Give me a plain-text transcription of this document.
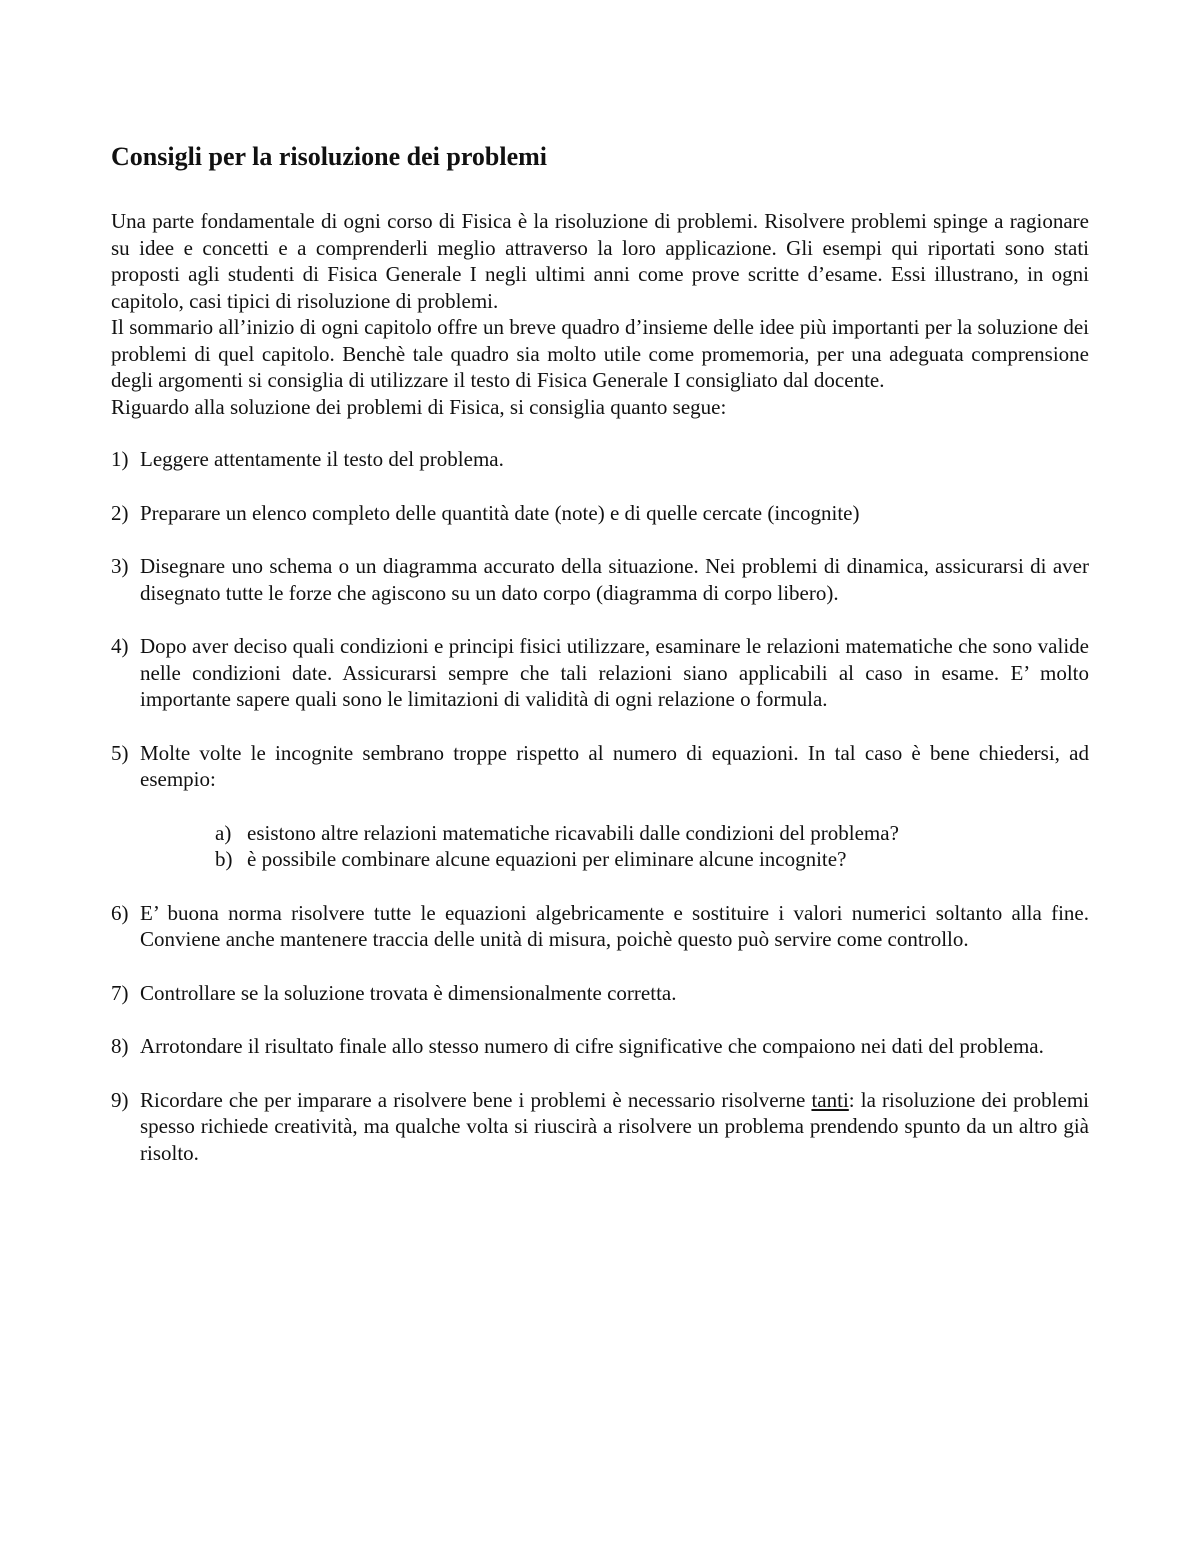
Consigli per la risoluzione dei problemi

Una parte fondamentale di ogni corso di Fisica è la risoluzione di problemi. Risolvere problemi spinge a ragionare su idee e concetti e a comprenderli meglio attraverso la loro applicazione. Gli esempi qui riportati sono stati proposti agli studenti di Fisica Generale I negli ultimi anni come prove scritte d’esame. Essi illustrano, in ogni capitolo, casi tipici di risoluzione di problemi.

Il sommario all’inizio di ogni capitolo offre un breve quadro d’insieme delle idee più importanti per la soluzione dei problemi di quel capitolo. Benchè tale quadro sia molto utile come promemoria, per una adeguata comprensione degli argomenti si consiglia di utilizzare il testo di Fisica Generale I consigliato dal docente.

Riguardo alla soluzione dei problemi di Fisica, si consiglia quanto segue:

1) Leggere attentamente il testo del problema.
2) Preparare un elenco completo delle quantità date (note) e di quelle cercate (incognite)
3) Disegnare uno schema o un diagramma accurato della situazione. Nei problemi di dinamica, assicurarsi di aver disegnato tutte le forze che agiscono su un dato corpo (diagramma di corpo libero).
4) Dopo aver deciso quali condizioni e principi fisici utilizzare, esaminare le relazioni matematiche che sono valide nelle condizioni date. Assicurarsi sempre che tali relazioni siano applicabili al caso in esame. E’ molto importante sapere quali sono le limitazioni di validità di ogni relazione o formula.
5) Molte volte le incognite sembrano troppe rispetto al numero di equazioni. In tal caso è bene chiedersi, ad esempio:
a) esistono altre relazioni matematiche ricavabili dalle condizioni del problema?
b) è possibile combinare alcune equazioni per eliminare alcune incognite?
6) E’ buona norma risolvere tutte le equazioni algebricamente e sostituire i valori numerici soltanto alla fine. Conviene anche mantenere traccia delle unità di misura, poichè questo può servire come controllo.
7) Controllare se la soluzione trovata è dimensionalmente corretta.
8) Arrotondare il risultato finale allo stesso numero di cifre significative che compaiono nei dati del problema.
9) Ricordare che per imparare a risolvere bene i problemi è necessario risolverne tanti: la risoluzione dei problemi spesso richiede creatività, ma qualche volta si riuscirà a risolvere un problema prendendo spunto da un altro già risolto.
